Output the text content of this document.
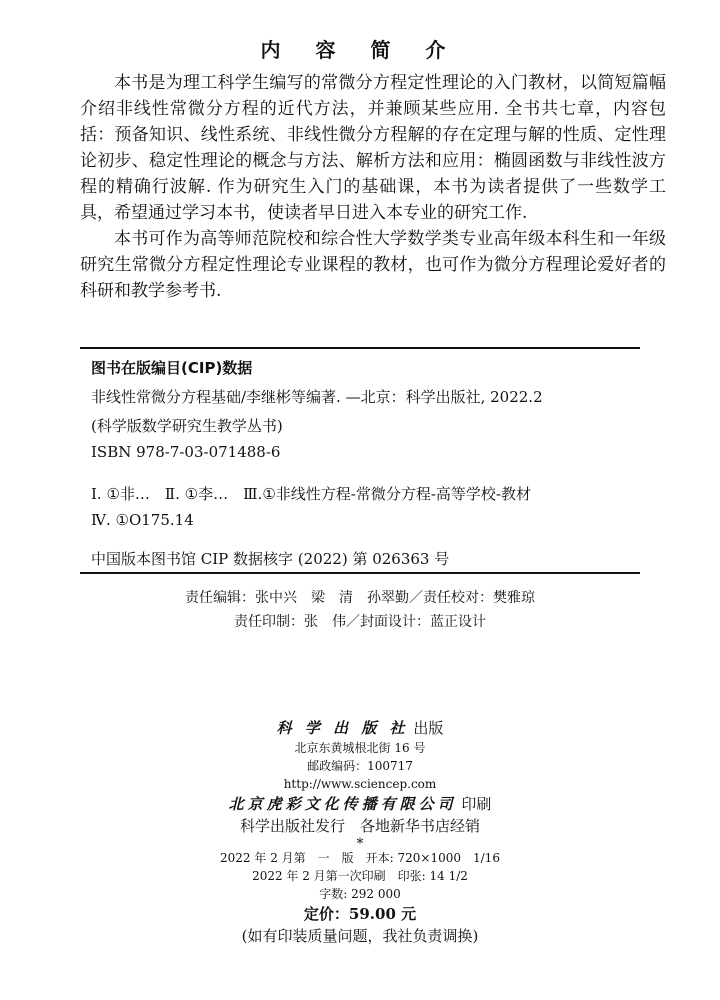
内 容 简 介

本书是为理工科学生编写的常微分方程定性理论的入门教材，以简短篇幅介绍非线性常微分方程的近代方法，并兼顾某些应用. 全书共七章，内容包括：预备知识、线性系统、非线性微分方程解的存在定理与解的性质、定性理论初步、稳定性理论的概念与方法、解析方法和应用：椭圆函数与非线性波方程的精确行波解. 作为研究生入门的基础课，本书为读者提供了一些数学工具，希望通过学习本书，使读者早日进入本专业的研究工作.

本书可作为高等师范院校和综合性大学数学类专业高年级本科生和一年级研究生常微分方程定性理论专业课程的教材，也可作为微分方程理论爱好者的科研和教学参考书.

图书在版编目(CIP)数据
非线性常微分方程基础/李继彬等编著. —北京：科学出版社, 2022.2
(科学版数学研究生教学丛书)
ISBN 978-7-03-071488-6
Ⅰ. ①非…　Ⅱ. ①李…　Ⅲ.①非线性方程-常微分方程-高等学校-教材
Ⅳ. ①O175.14
中国版本图书馆 CIP 数据核字 (2022) 第 026363 号
责任编辑：张中兴　梁　清　孙翠勤／责任校对：樊雅琼
责任印制：张　伟／封面设计：蓝正设计
科 学 出 版 社 出版
北京东黄城根北街 16 号
邮政编码：100717
http://www.sciencep.com
北京虎彩文化传播有限公司 印刷
科学出版社发行　各地新华书店经销
*
2022 年 2 月第　一　版　开本: 720×1000　1/16
2022 年 2 月第一次印刷　印张: 14 1/2
字数: 292 000
定价：59.00 元
(如有印装质量问题，我社负责调换)
